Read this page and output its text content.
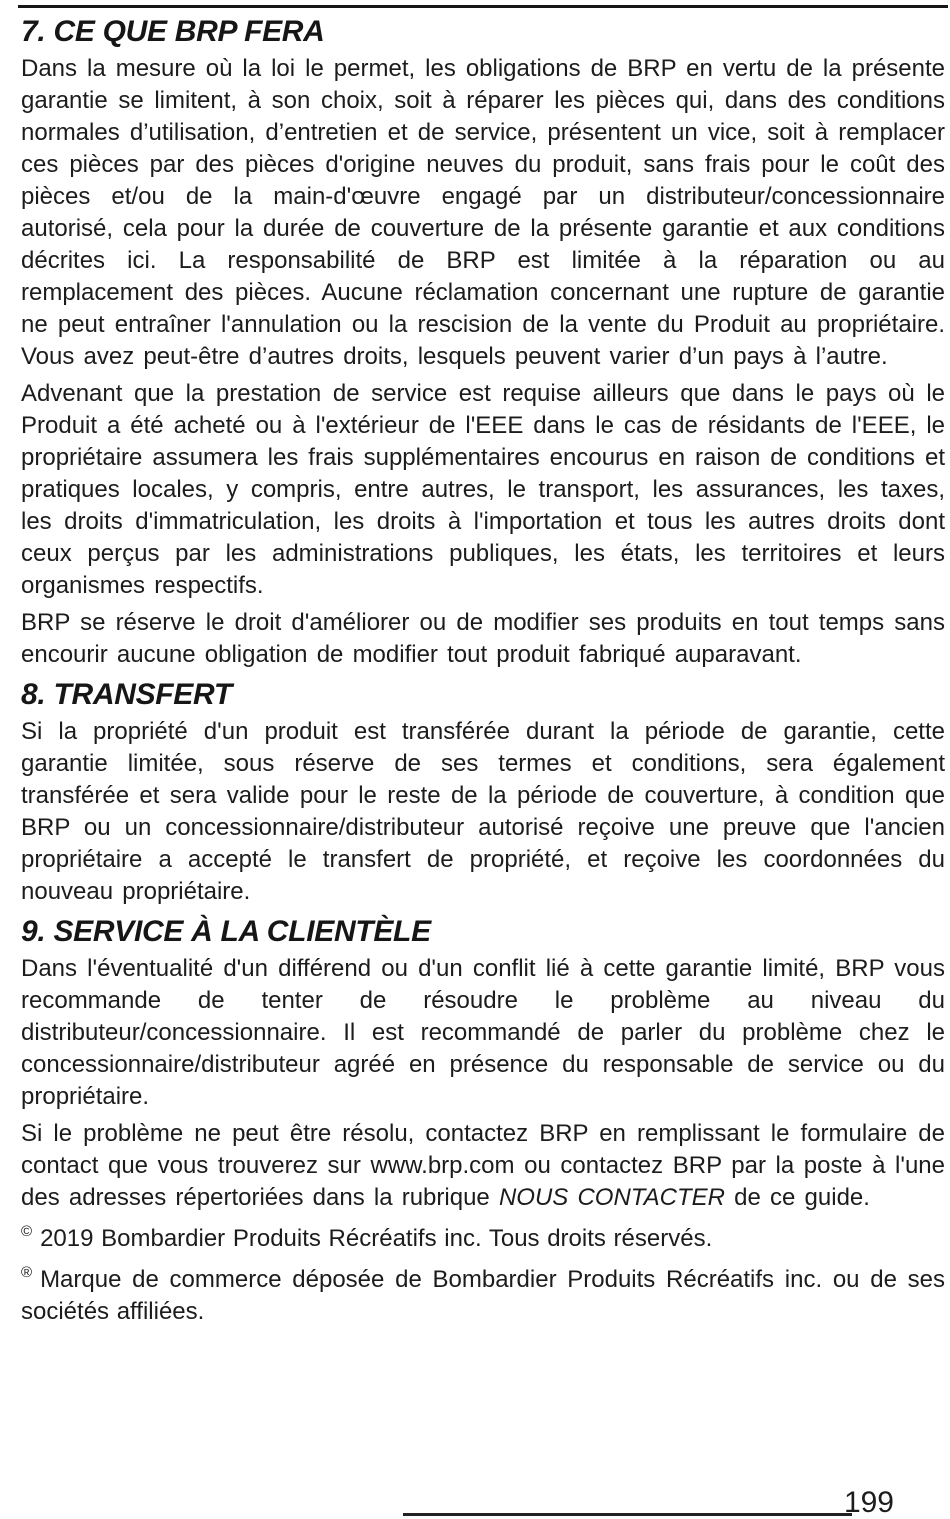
7. CE QUE BRP FERA

Dans la mesure où la loi le permet, les obligations de BRP en vertu de la présente garantie se limitent, à son choix, soit à réparer les pièces qui, dans des conditions normales d’utilisation, d’entretien et de service, présentent un vice, soit à remplacer ces pièces par des pièces d'origine neuves du produit, sans frais pour le coût des pièces et/ou de la main-d'œuvre engagé par un distributeur/concessionnaire autorisé, cela pour la durée de couverture de la présente garantie et aux conditions décrites ici. La responsabilité de BRP est limitée à la réparation ou au remplacement des pièces. Aucune réclamation concernant une rupture de garantie ne peut entraîner l'annulation ou la rescision de la vente du Produit au propriétaire. Vous avez peut-être d’autres droits, lesquels peuvent varier d’un pays à l’autre.

Advenant que la prestation de service est requise ailleurs que dans le pays où le Produit a été acheté ou à l'extérieur de l'EEE dans le cas de résidants de l'EEE, le propriétaire assumera les frais supplémentaires encourus en raison de conditions et pratiques locales, y compris, entre autres, le transport, les assurances, les taxes, les droits d'immatriculation, les droits à l'importation et tous les autres droits dont ceux perçus par les administrations publiques, les états, les territoires et leurs organismes respectifs.

BRP se réserve le droit d'améliorer ou de modifier ses produits en tout temps sans encourir aucune obligation de modifier tout produit fabriqué auparavant.

8. TRANSFERT

Si la propriété d'un produit est transférée durant la période de garantie, cette garantie limitée, sous réserve de ses termes et conditions, sera également transférée et sera valide pour le reste de la période de couverture, à condition que BRP ou un concessionnaire/distributeur autorisé reçoive une preuve que l'ancien propriétaire a accepté le transfert de propriété, et reçoive les coordonnées du nouveau propriétaire.

9. SERVICE À LA CLIENTÈLE

Dans l'éventualité d'un différend ou d'un conflit lié à cette garantie limité, BRP vous recommande de tenter de résoudre le problème au niveau du distributeur/concessionnaire. Il est recommandé de parler du problème chez le concessionnaire/distributeur agréé en présence du responsable de service ou du propriétaire.

Si le problème ne peut être résolu, contactez BRP en remplissant le formulaire de contact que vous trouverez sur www.brp.com ou contactez BRP par la poste à l'une des adresses répertoriées dans la rubrique NOUS CONTACTER de ce guide.

© 2019 Bombardier Produits Récréatifs inc. Tous droits réservés.

® Marque de commerce déposée de Bombardier Produits Récréatifs inc. ou de ses sociétés affiliées.

199
